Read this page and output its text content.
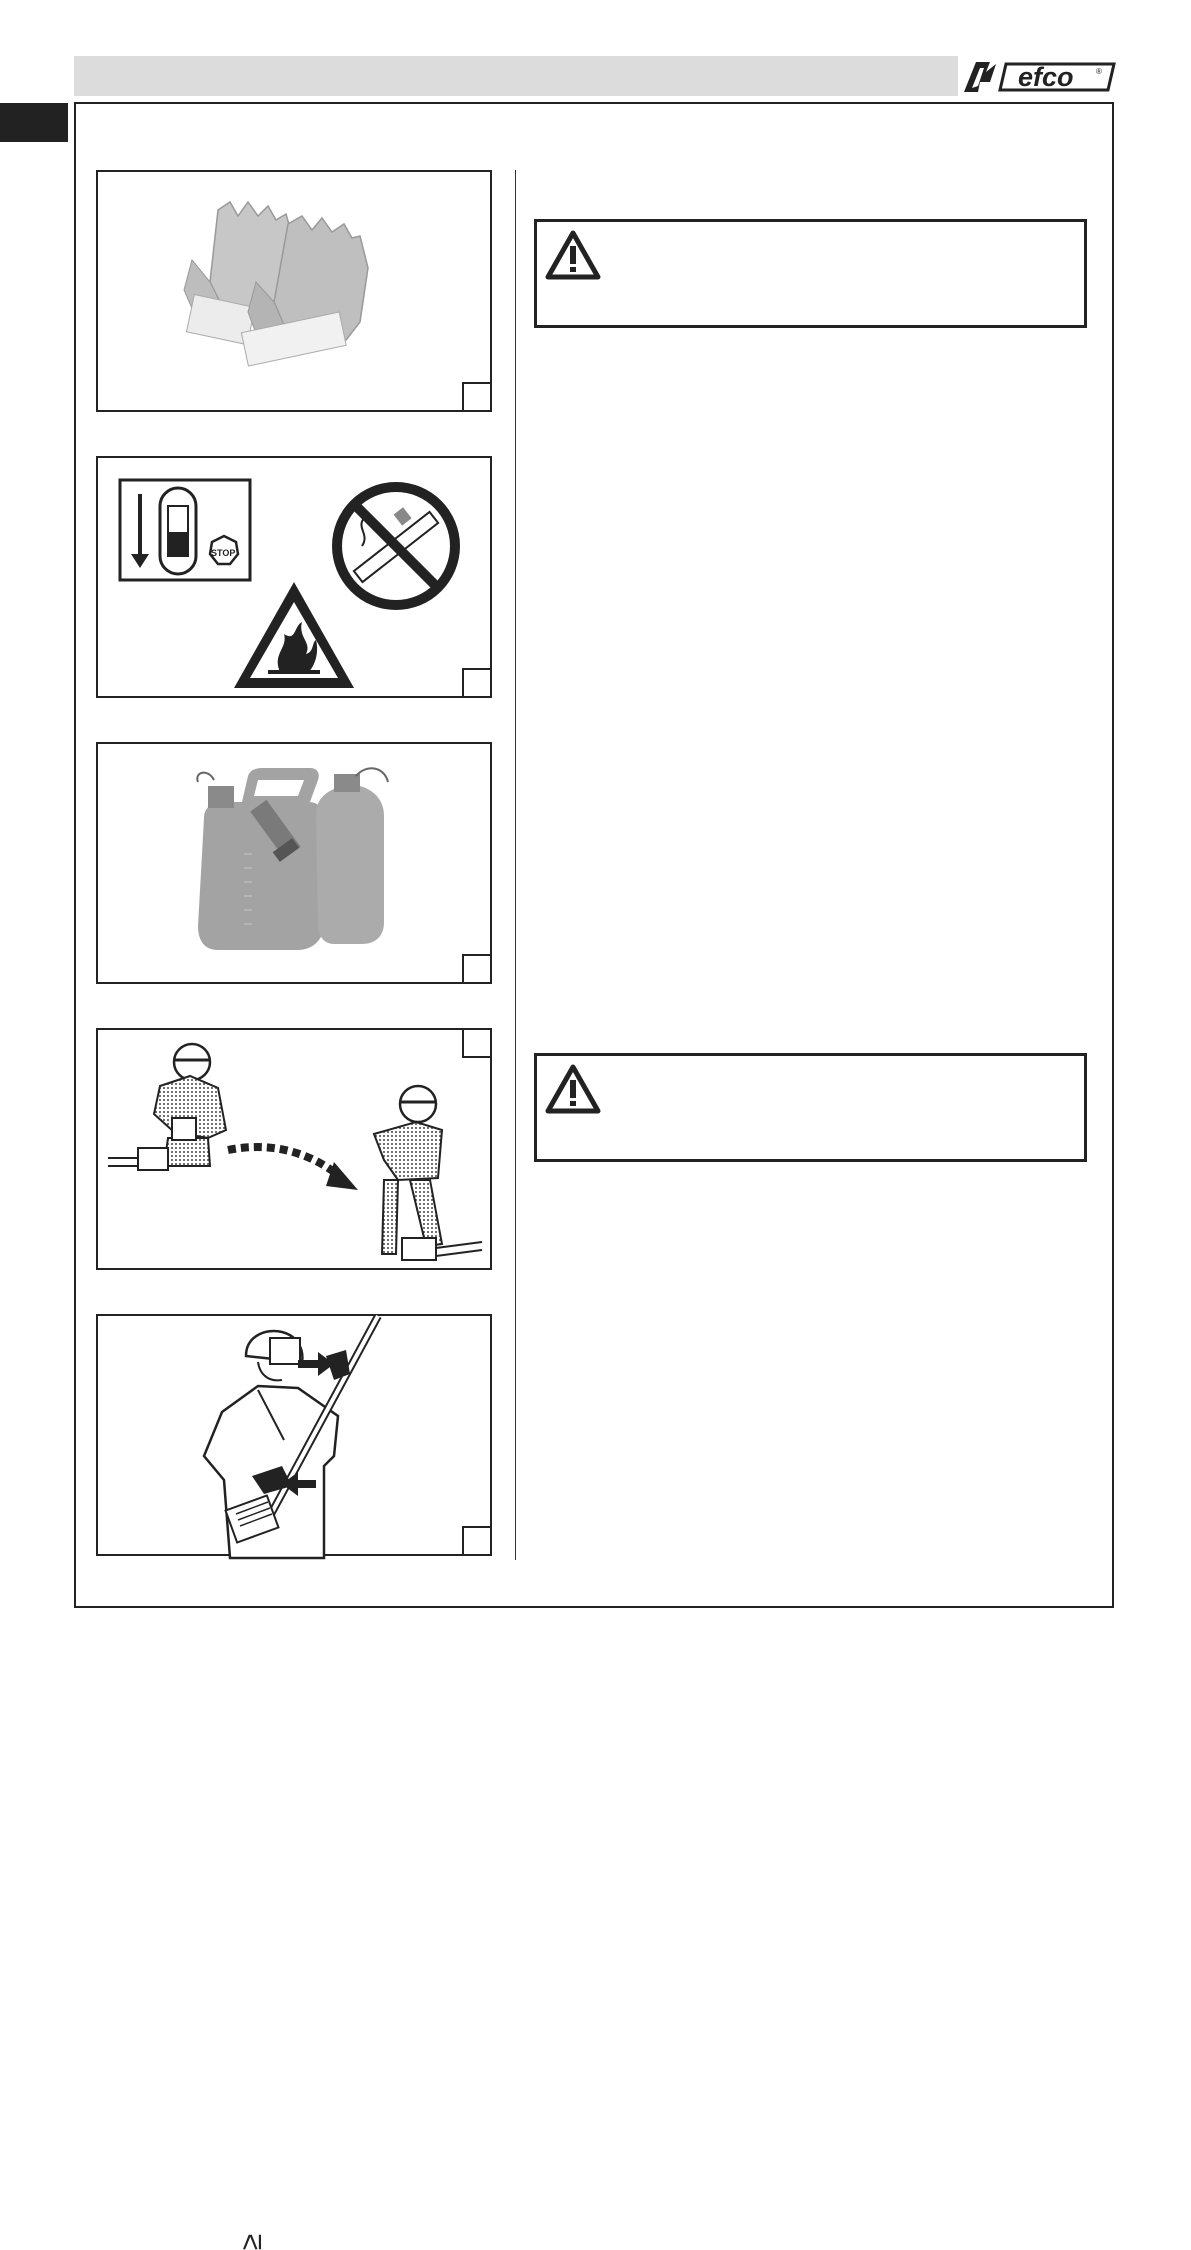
efco	®
STOP
≥
